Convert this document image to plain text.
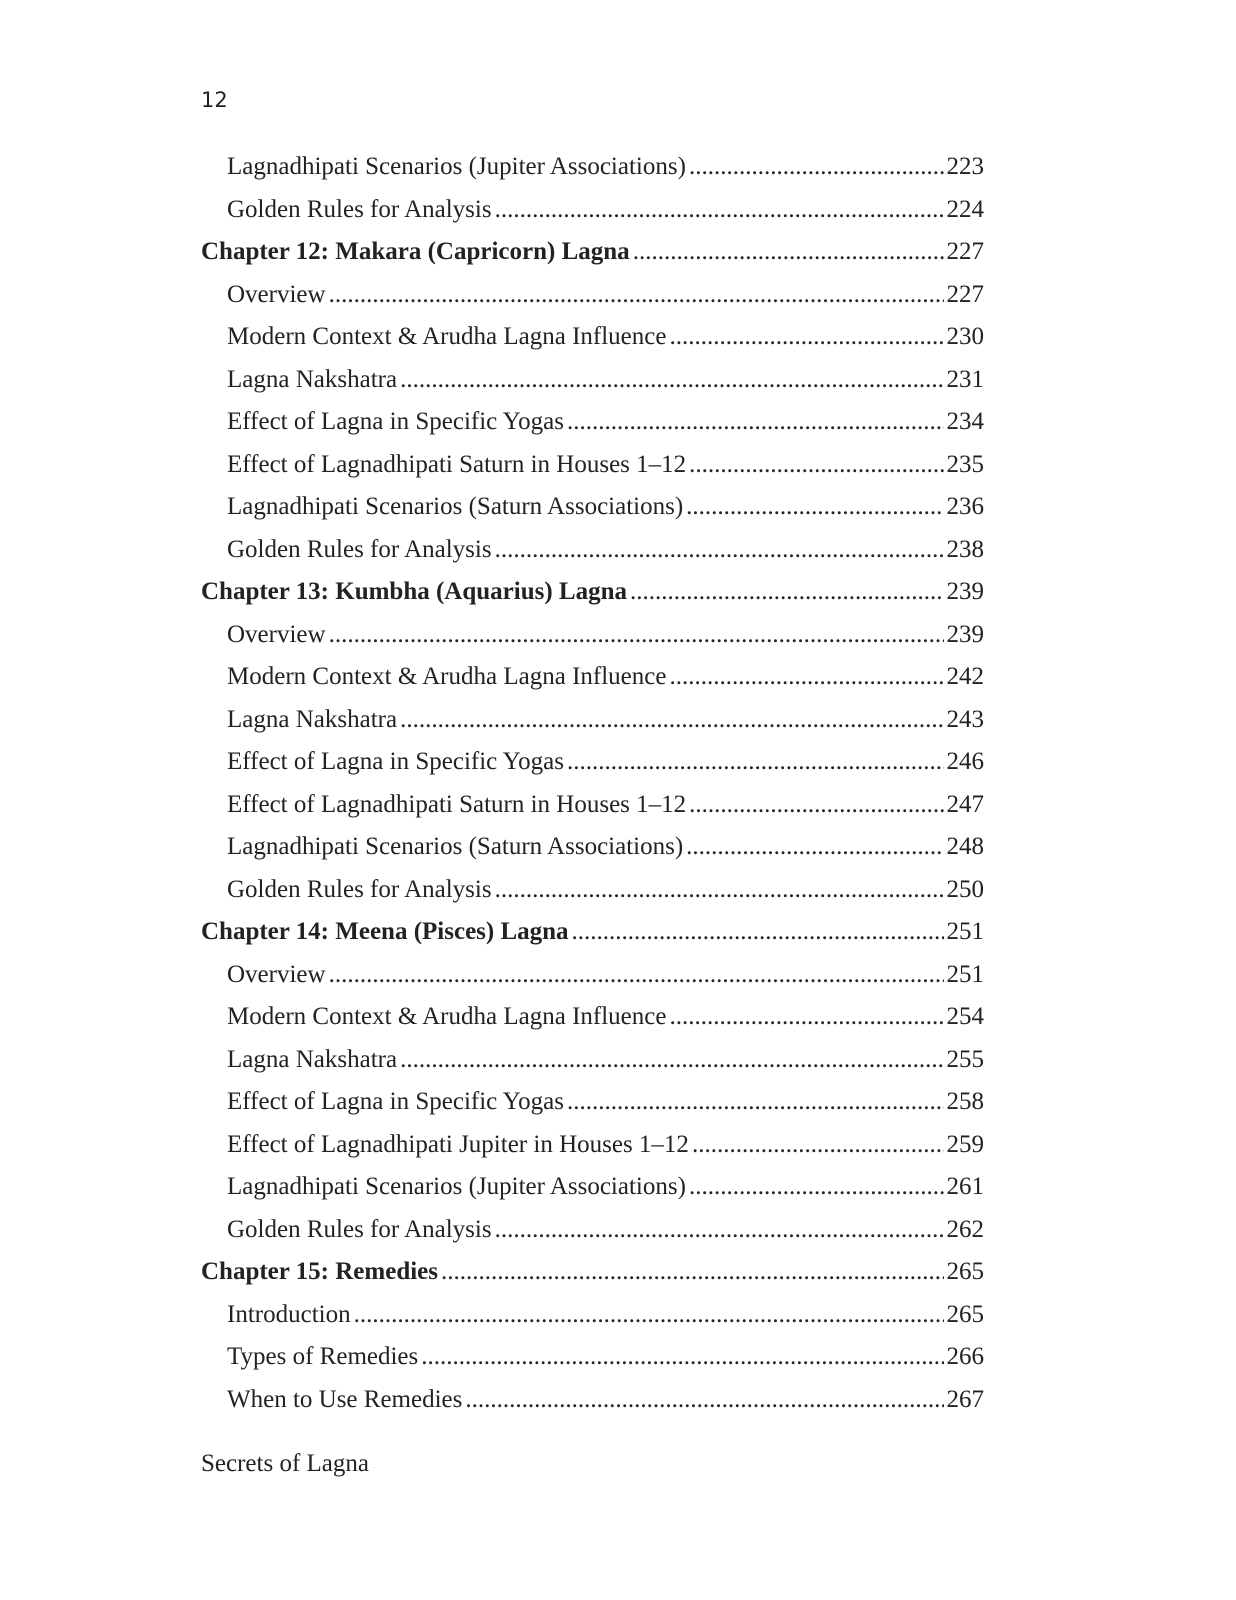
12
Lagnadhipati Scenarios (Jupiter Associations) .....	223
Golden Rules for Analysis .....	224
Chapter 12: Makara (Capricorn) Lagna .....	227
Overview .....	227
Modern Context & Arudha Lagna Influence .....	230
Lagna Nakshatra .....	231
Effect of Lagna in Specific Yogas .....	234
Effect of Lagnadhipati Saturn in Houses 1–12 .....	235
Lagnadhipati Scenarios (Saturn Associations) .....	236
Golden Rules for Analysis .....	238
Chapter 13: Kumbha (Aquarius) Lagna .....	239
Overview .....	239
Modern Context & Arudha Lagna Influence .....	242
Lagna Nakshatra .....	243
Effect of Lagna in Specific Yogas .....	246
Effect of Lagnadhipati Saturn in Houses 1–12 .....	247
Lagnadhipati Scenarios (Saturn Associations) .....	248
Golden Rules for Analysis .....	250
Chapter 14: Meena (Pisces) Lagna .....	251
Overview .....	251
Modern Context & Arudha Lagna Influence .....	254
Lagna Nakshatra .....	255
Effect of Lagna in Specific Yogas .....	258
Effect of Lagnadhipati Jupiter in Houses 1–12 .....	259
Lagnadhipati Scenarios (Jupiter Associations) .....	261
Golden Rules for Analysis .....	262
Chapter 15: Remedies .....	265
Introduction .....	265
Types of Remedies .....	266
When to Use Remedies .....	267
Secrets of Lagna
